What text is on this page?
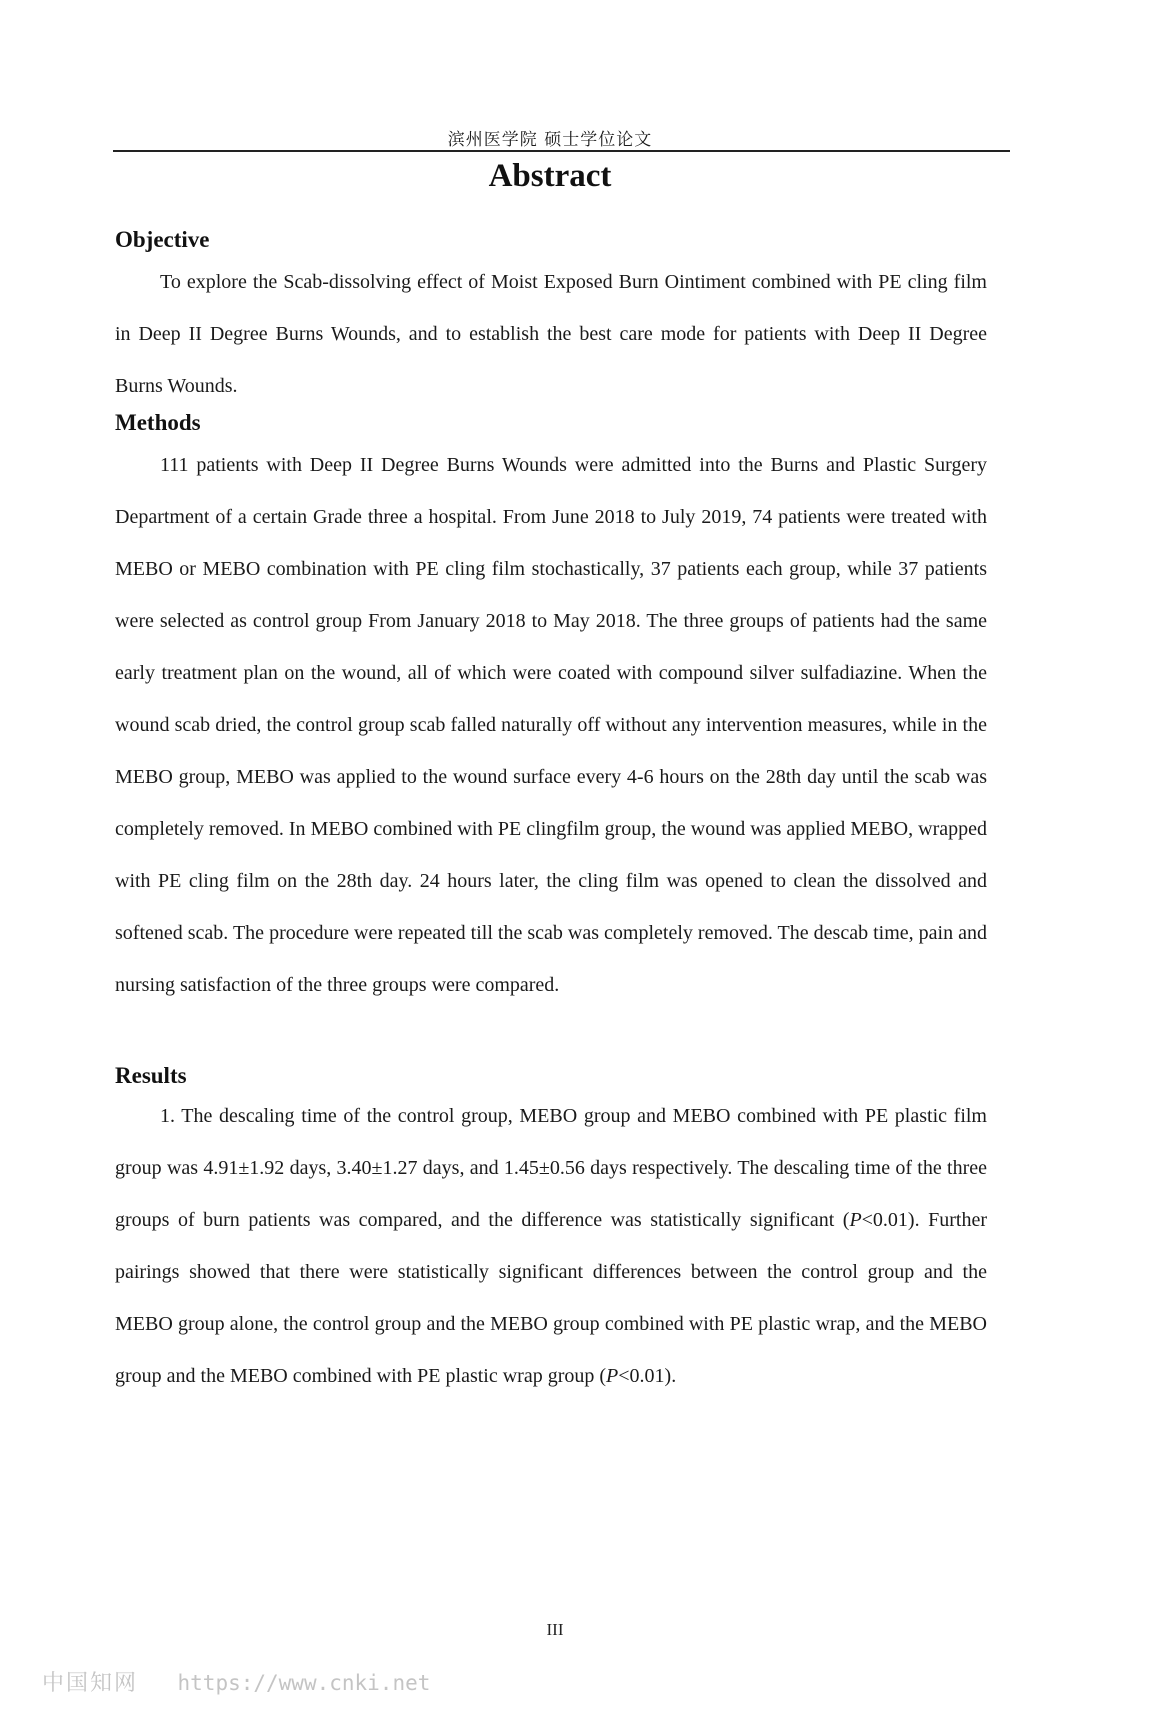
滨州医学院 硕士学位论文
Abstract
Objective
To explore the Scab-dissolving effect of Moist Exposed Burn Ointiment combined with PE cling film in Deep II Degree Burns Wounds, and to establish the best care mode for patients with Deep II Degree Burns Wounds.
Methods
111 patients with Deep II Degree Burns Wounds were admitted into the Burns and Plastic Surgery Department of a certain Grade three a hospital. From June 2018 to July 2019, 74 patients were treated with MEBO or MEBO combination with PE cling film stochastically, 37 patients each group, while 37 patients were selected as control group From January 2018 to May 2018. The three groups of patients had the same early treatment plan on the wound, all of which were coated with compound silver sulfadiazine. When the wound scab dried, the control group scab falled naturally off without any intervention measures, while in the MEBO group, MEBO was applied to the wound surface every 4-6 hours on the 28th day until the scab was completely removed. In MEBO combined with PE clingfilm group, the wound was applied MEBO, wrapped with PE cling film on the 28th day. 24 hours later, the cling film was opened to clean the dissolved and softened scab. The procedure were repeated till the scab was completely removed. The descab time, pain and nursing satisfaction of the three groups were compared.
Results
1. The descaling time of the control group, MEBO group and MEBO combined with PE plastic film group was 4.91±1.92 days, 3.40±1.27 days, and 1.45±0.56 days respectively. The descaling time of the three groups of burn patients was compared, and the difference was statistically significant (P<0.01). Further pairings showed that there were statistically significant differences between the control group and the MEBO group alone, the control group and the MEBO group combined with PE plastic wrap, and the MEBO group and the MEBO combined with PE plastic wrap group (P<0.01).
III
中国知网 https://www.cnki.net
